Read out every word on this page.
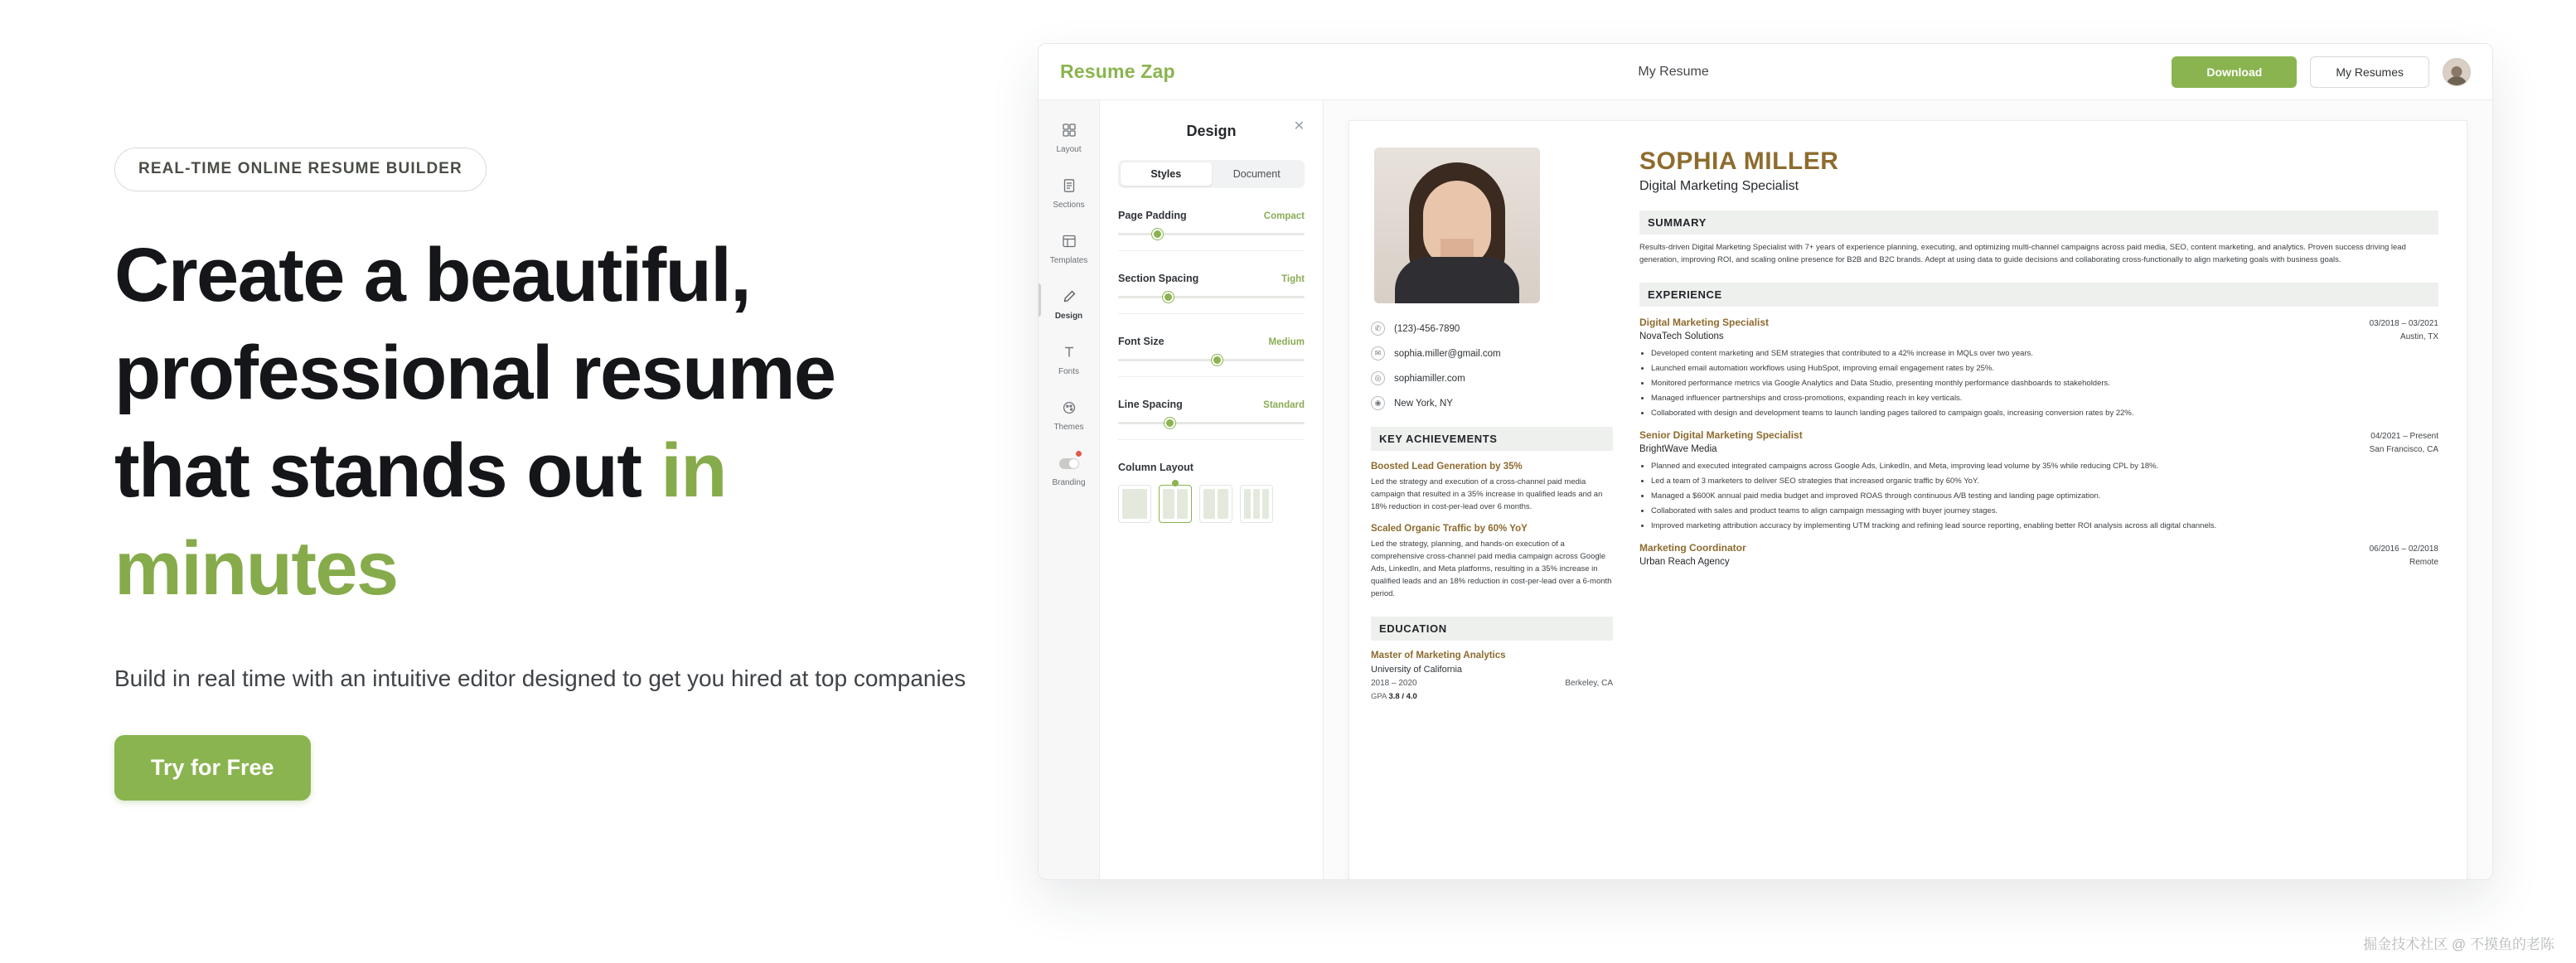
REAL-TIME ONLINE RESUME BUILDER
Create a beautiful,
professional resume
that stands out in
minutes

Build in real time with an intuitive editor designed to get you hired at top companies

Try for Free
Resume Zap	My Resume	Download	My Resumes
Layout
Sections
Templates
Design
Fonts
Themes
Branding
Design	✕
Styles	Document
Page Padding	Compact
Section Spacing	Tight
Font Size	Medium
Line Spacing	Standard
Column Layout
✆	(123)-456-7890
✉	sophia.miller@gmail.com
◎	sophiamiller.com
◉	New York, NY
KEY ACHIEVEMENTS
Boosted Lead Generation by 35%
Led the strategy and execution of a cross-channel paid media campaign that resulted in a 35% increase in qualified leads and an 18% reduction in cost-per-lead over 6 months.
Scaled Organic Traffic by 60% YoY
Led the strategy, planning, and hands-on execution of a comprehensive cross-channel paid media campaign across Google Ads, LinkedIn, and Meta platforms, resulting in a 35% increase in qualified leads and an 18% reduction in cost-per-lead over a 6-month period.
EDUCATION
Master of Marketing Analytics
University of California
2018 – 2020	Berkeley, CA
GPA 3.8 / 4.0
SOPHIA MILLER
Digital Marketing Specialist
SUMMARY
Results-driven Digital Marketing Specialist with 7+ years of experience planning, executing, and optimizing multi-channel campaigns across paid media, SEO, content marketing, and analytics. Proven success driving lead generation, improving ROI, and scaling online presence for B2B and B2C brands. Adept at using data to guide decisions and collaborating cross-functionally to align marketing goals with business goals.
EXPERIENCE
Digital Marketing Specialist	03/2018 – 03/2021
NovaTech Solutions	Austin, TX
• Developed content marketing and SEM strategies that contributed to a 42% increase in MQLs over two years.
• Launched email automation workflows using HubSpot, improving email engagement rates by 25%.
• Monitored performance metrics via Google Analytics and Data Studio, presenting monthly performance dashboards to stakeholders.
• Managed influencer partnerships and cross-promotions, expanding reach in key verticals.
• Collaborated with design and development teams to launch landing pages tailored to campaign goals, increasing conversion rates by 22%.
Senior Digital Marketing Specialist	04/2021 – Present
BrightWave Media	San Francisco, CA
• Planned and executed integrated campaigns across Google Ads, LinkedIn, and Meta, improving lead volume by 35% while reducing CPL by 18%.
• Led a team of 3 marketers to deliver SEO strategies that increased organic traffic by 60% YoY.
• Managed a $600K annual paid media budget and improved ROAS through continuous A/B testing and landing page optimization.
• Collaborated with sales and product teams to align campaign messaging with buyer journey stages.
• Improved marketing attribution accuracy by implementing UTM tracking and refining lead source reporting, enabling better ROI analysis across all digital channels.
Marketing Coordinator	06/2016 – 02/2018
Urban Reach Agency	Remote
掘金技术社区 @ 不摸鱼的老陈
